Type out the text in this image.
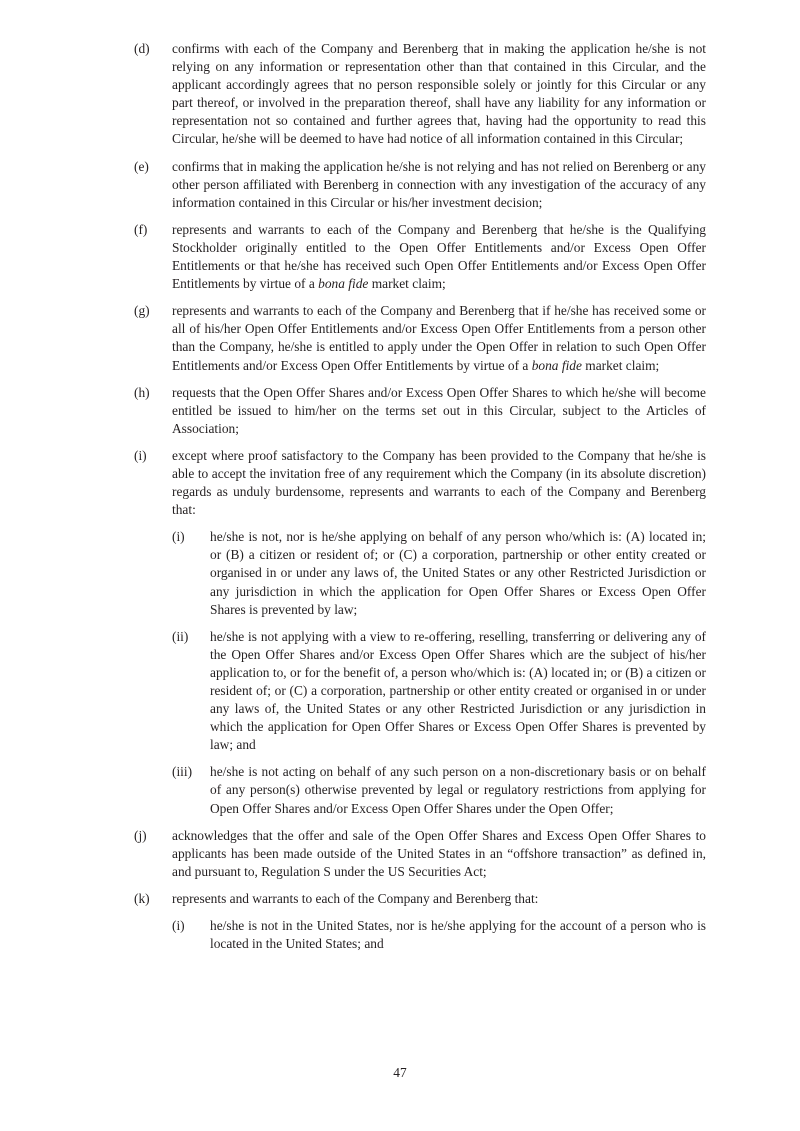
(d)	confirms with each of the Company and Berenberg that in making the application he/she is not relying on any information or representation other than that contained in this Circular, and the applicant accordingly agrees that no person responsible solely or jointly for this Circular or any part thereof, or involved in the preparation thereof, shall have any liability for any information or representation not so contained and further agrees that, having had the opportunity to read this Circular, he/she will be deemed to have had notice of all information contained in this Circular;
(e)	confirms that in making the application he/she is not relying and has not relied on Berenberg or any other person affiliated with Berenberg in connection with any investigation of the accuracy of any information contained in this Circular or his/her investment decision;
(f)	represents and warrants to each of the Company and Berenberg that he/she is the Qualifying Stockholder originally entitled to the Open Offer Entitlements and/or Excess Open Offer Entitlements or that he/she has received such Open Offer Entitlements and/or Excess Open Offer Entitlements by virtue of a bona fide market claim;
(g)	represents and warrants to each of the Company and Berenberg that if he/she has received some or all of his/her Open Offer Entitlements and/or Excess Open Offer Entitlements from a person other than the Company, he/she is entitled to apply under the Open Offer in relation to such Open Offer Entitlements and/or Excess Open Offer Entitlements by virtue of a bona fide market claim;
(h)	requests that the Open Offer Shares and/or Excess Open Offer Shares to which he/she will become entitled be issued to him/her on the terms set out in this Circular, subject to the Articles of Association;
(i)	except where proof satisfactory to the Company has been provided to the Company that he/she is able to accept the invitation free of any requirement which the Company (in its absolute discretion) regards as unduly burdensome, represents and warrants to each of the Company and Berenberg that:
(i)	he/she is not, nor is he/she applying on behalf of any person who/which is: (A) located in; or (B) a citizen or resident of; or (C) a corporation, partnership or other entity created or organised in or under any laws of, the United States or any other Restricted Jurisdiction or any jurisdiction in which the application for Open Offer Shares or Excess Open Offer Shares is prevented by law;
(ii)	he/she is not applying with a view to re-offering, reselling, transferring or delivering any of the Open Offer Shares and/or Excess Open Offer Shares which are the subject of his/her application to, or for the benefit of, a person who/which is: (A) located in; or (B) a citizen or resident of; or (C) a corporation, partnership or other entity created or organised in or under any laws of, the United States or any other Restricted Jurisdiction or any jurisdiction in which the application for Open Offer Shares or Excess Open Offer Shares is prevented by law; and
(iii)	he/she is not acting on behalf of any such person on a non-discretionary basis or on behalf of any person(s) otherwise prevented by legal or regulatory restrictions from applying for Open Offer Shares and/or Excess Open Offer Shares under the Open Offer;
(j)	acknowledges that the offer and sale of the Open Offer Shares and Excess Open Offer Shares to applicants has been made outside of the United States in an “offshore transaction” as defined in, and pursuant to, Regulation S under the US Securities Act;
(k)	represents and warrants to each of the Company and Berenberg that:
(i)	he/she is not in the United States, nor is he/she applying for the account of a person who is located in the United States; and
47
